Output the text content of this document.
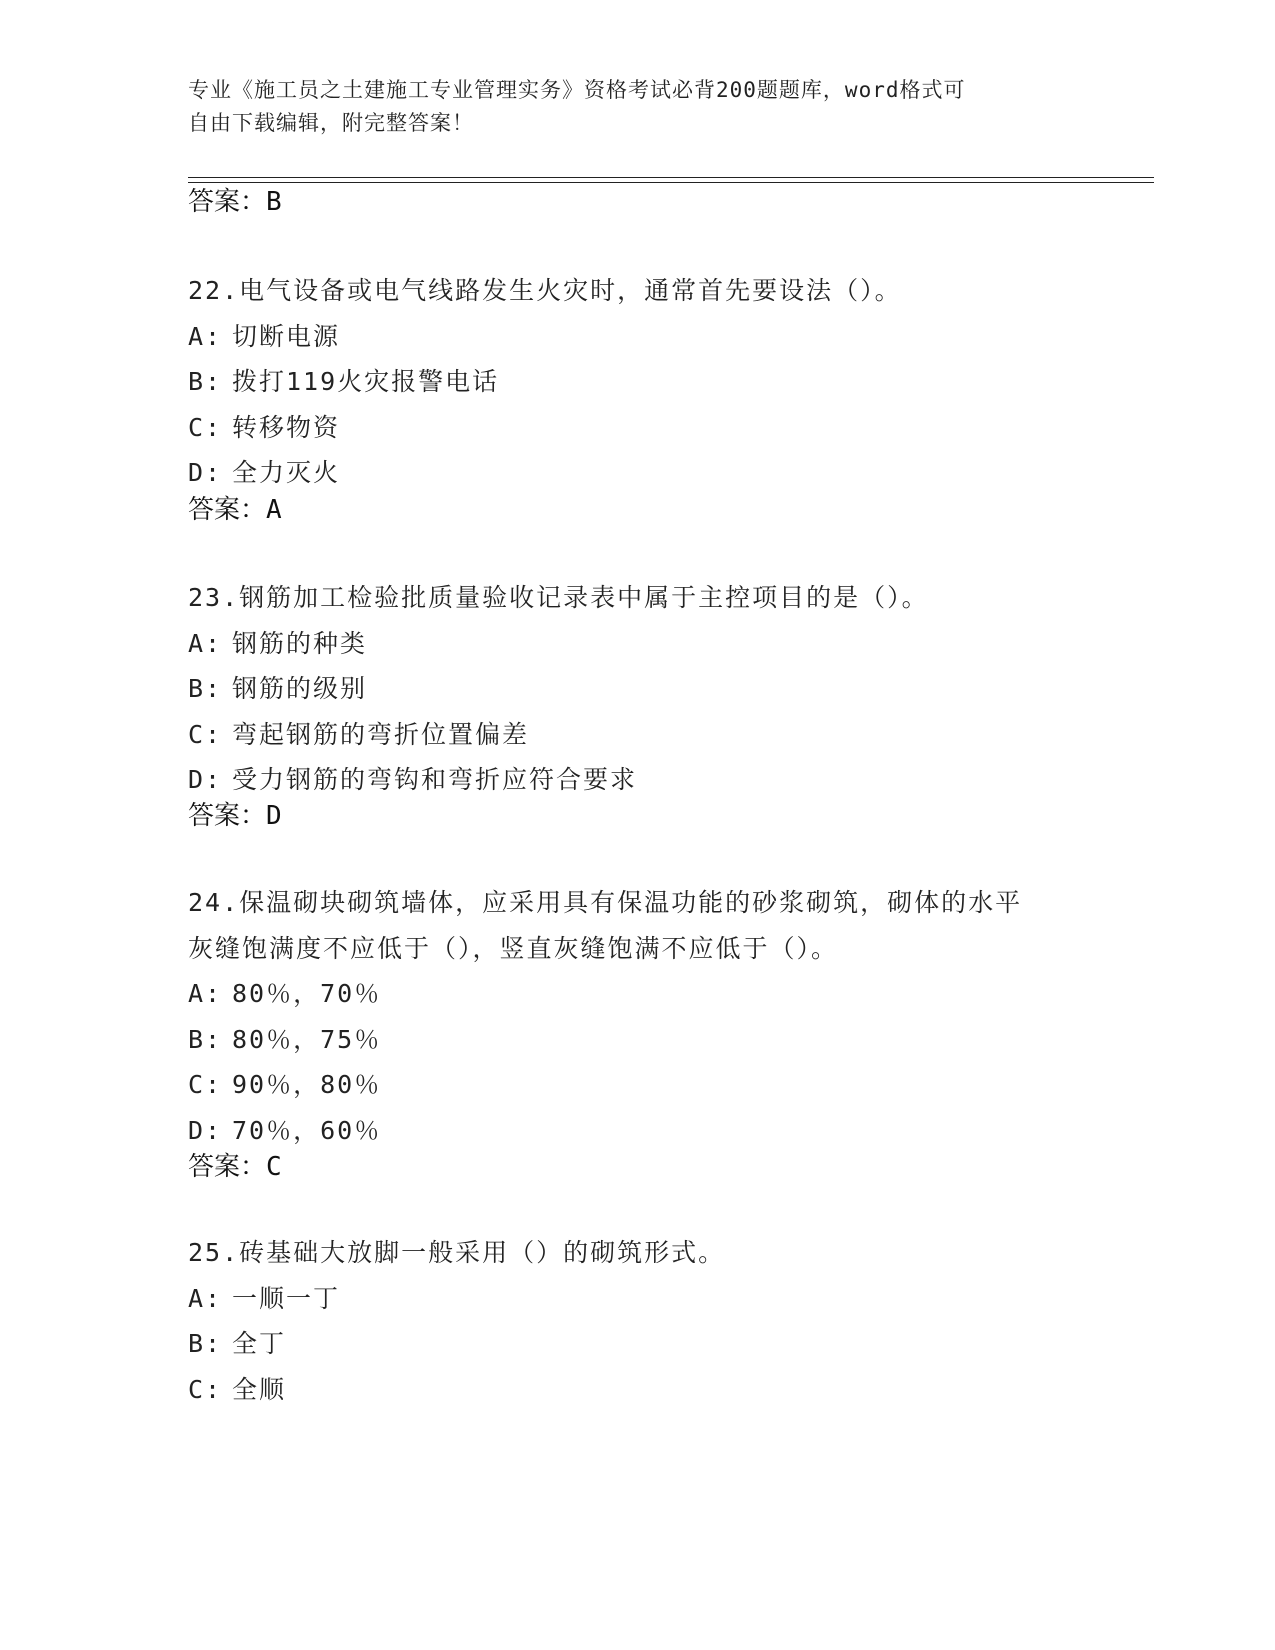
专业《施工员之土建施工专业管理实务》资格考试必背200题题库，word格式可
自由下载编辑，附完整答案！
答案：B
22.电气设备或电气线路发生火灾时，通常首先要设法（）。
A: 切断电源
B: 拨打119火灾报警电话
C: 转移物资
D: 全力灭火
答案：A
23.钢筋加工检验批质量验收记录表中属于主控项目的是（）。
A: 钢筋的种类
B: 钢筋的级别
C: 弯起钢筋的弯折位置偏差
D: 受力钢筋的弯钩和弯折应符合要求
答案：D
24.保温砌块砌筑墙体，应采用具有保温功能的砂浆砌筑，砌体的水平
灰缝饱满度不应低于（），竖直灰缝饱满不应低于（）。
A: 80％，70％
B: 80％，75％
C: 90％，80％
D: 70％，60％
答案：C
25.砖基础大放脚一般采用（）的砌筑形式。
A: 一顺一丁
B: 全丁
C: 全顺
